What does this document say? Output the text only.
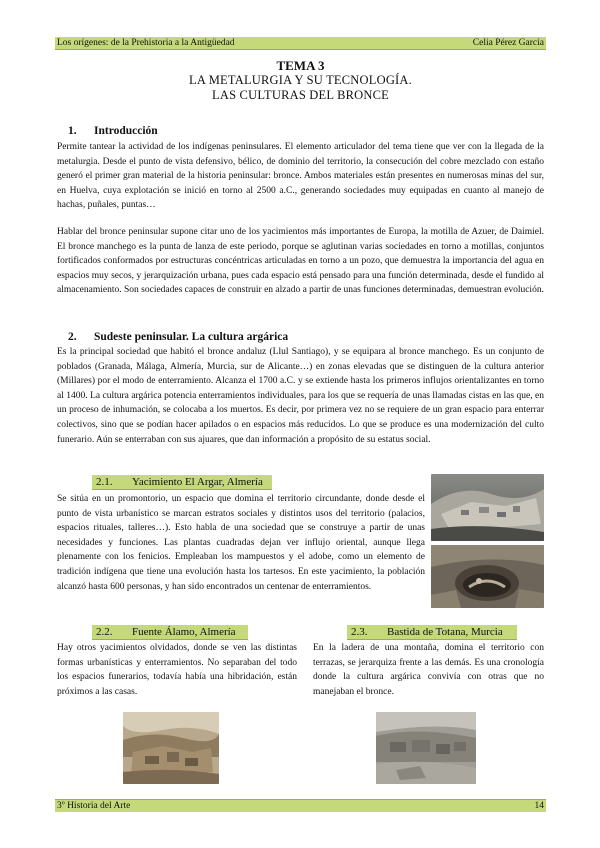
Los orígenes: de la Prehistoria a la Antigüedad	Celia Pérez García
TEMA 3
LA METALURGIA Y SU TECNOLOGÍA.
LAS CULTURAS DEL BRONCE
1. Introducción

Permite tantear la actividad de los indígenas peninsulares. El elemento articulador del tema tiene que ver con la llegada de la metalurgia. Desde el punto de vista defensivo, bélico, de dominio del territorio, la consecución del cobre mezclado con estaño generó el primer gran material de la historia peninsular: bronce. Ambos materiales están presentes en numerosas minas del sur, en Huelva, cuya explotación se inició en torno al 2500 a.C., generando sociedades muy equipadas en cuanto al manejo de hachas, puñales, puntas…

Hablar del bronce peninsular supone citar uno de los yacimientos más importantes de Europa, la motilla de Azuer, de Daimiel. El bronce manchego es la punta de lanza de este periodo, porque se aglutinan varias sociedades en torno a motillas, conjuntos fortificados conformados por estructuras concéntricas articuladas en torno a un pozo, que demuestra la importancia del agua en espacios muy secos, y jerarquización urbana, pues cada espacio está pensado para una función determinada, desde el fundido al almacenamiento. Son sociedades capaces de construir en alzado a partir de unas funciones determinadas, demuestran evolución.

2. Sudeste peninsular. La cultura argárica

Es la principal sociedad que habitó el bronce andaluz (Llul Santiago), y se equipara al bronce manchego. Es un conjunto de poblados (Granada, Málaga, Almería, Murcia, sur de Alicante…) en zonas elevadas que se distinguen de la cultura anterior (Millares) por el modo de enterramiento. Alcanza el 1700 a.C. y se extiende hasta los primeros influjos orientalizantes en torno al 1400. La cultura argárica potencia enterramientos individuales, para los que se requería de unas llamadas cistas en las que, en un proceso de inhumación, se colocaba a los muertos. Es decir, por primera vez no se requiere de un gran espacio para enterrar colectivos, sino que se podían hacer apilados o en espacios más reducidos. Lo que se produce es una modernización del culto funerario. Aún se enterraban con sus ajuares, que dan información a propósito de su estatus social.

2.1. Yacimiento El Argar, Almería

Se sitúa en un promontorio, un espacio que domina el territorio circundante, donde desde el punto de vista urbanístico se marcan estratos sociales y distintos usos del territorio (palacios, espacios rituales, talleres…). Esto habla de una sociedad que se construye a partir de unas necesidades y funciones. Las plantas cuadradas dejan ver influjo oriental, aunque llega plenamente con los fenicios. Empleaban los mampuestos y el adobe, como un elemento de tradición indígena que tiene una evolución hasta los tartesos. En este yacimiento, la población alcanzó hasta 600 personas, y han sido encontrados un centenar de enterramientos.

2.2. Fuente Álamo, Almería

Hay otros yacimientos olvidados, donde se ven las distintas formas urbanísticas y enterramientos. No separaban del todo los espacios funerarios, todavía había una hibridación, están próximos a las casas.

2.3. Bastida de Totana, Murcia

En la ladera de una montaña, domina el territorio con terrazas, se jerarquiza frente a las demás. Es una cronología donde la cultura argárica convivía con otras que no manejaban el bronce.

3º Historia del Arte	14
